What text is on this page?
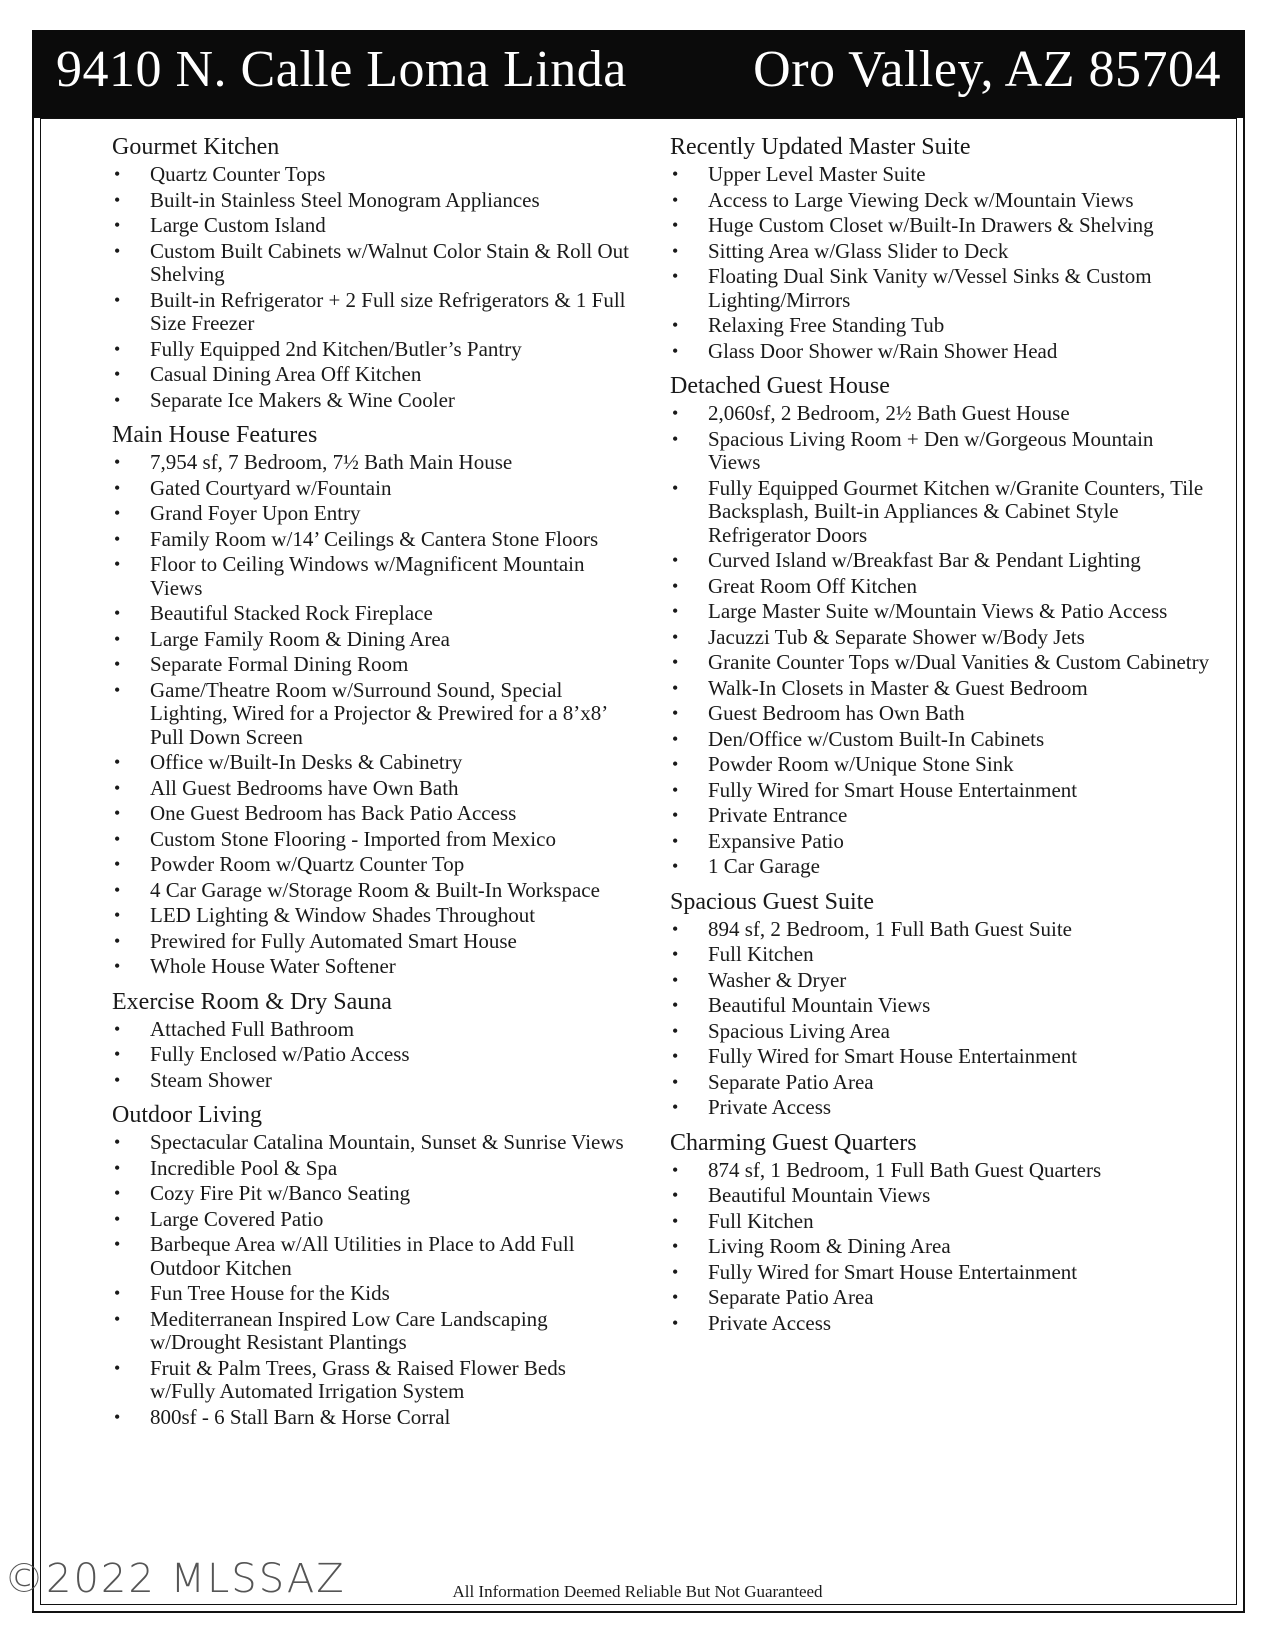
9410 N. Calle Loma Linda Oro Valley, AZ 85704
Gourmet Kitchen
• Quartz Counter Tops
• Built-in Stainless Steel Monogram Appliances
• Large Custom Island
• Custom Built Cabinets w/Walnut Color Stain & Roll Out Shelving
• Built-in Refrigerator + 2 Full size Refrigerators & 1 Full Size Freezer
• Fully Equipped 2nd Kitchen/Butler’s Pantry
• Casual Dining Area Off Kitchen
• Separate Ice Makers & Wine Cooler
Main House Features
• 7,954 sf, 7 Bedroom, 7½ Bath Main House
• Gated Courtyard w/Fountain
• Grand Foyer Upon Entry
• Family Room w/14’ Ceilings & Cantera Stone Floors
• Floor to Ceiling Windows w/Magnificent Mountain Views
• Beautiful Stacked Rock Fireplace
• Large Family Room & Dining Area
• Separate Formal Dining Room
• Game/Theatre Room w/Surround Sound, Special Lighting, Wired for a Projector & Prewired for a 8’x8’ Pull Down Screen
• Office w/Built-In Desks & Cabinetry
• All Guest Bedrooms have Own Bath
• One Guest Bedroom has Back Patio Access
• Custom Stone Flooring - Imported from Mexico
• Powder Room w/Quartz Counter Top
• 4 Car Garage w/Storage Room & Built-In Workspace
• LED Lighting & Window Shades Throughout
• Prewired for Fully Automated Smart House
• Whole House Water Softener
Exercise Room & Dry Sauna
• Attached Full Bathroom
• Fully Enclosed w/Patio Access
• Steam Shower
Outdoor Living
• Spectacular Catalina Mountain, Sunset & Sunrise Views
• Incredible Pool & Spa
• Cozy Fire Pit w/Banco Seating
• Large Covered Patio
• Barbeque Area w/All Utilities in Place to Add Full Outdoor Kitchen
• Fun Tree House for the Kids
• Mediterranean Inspired Low Care Landscaping w/Drought Resistant Plantings
• Fruit & Palm Trees, Grass & Raised Flower Beds w/Fully Automated Irrigation System
• 800sf - 6 Stall Barn & Horse Corral
Recently Updated Master Suite
• Upper Level Master Suite
• Access to Large Viewing Deck w/Mountain Views
• Huge Custom Closet w/Built-In Drawers & Shelving
• Sitting Area w/Glass Slider to Deck
• Floating Dual Sink Vanity w/Vessel Sinks & Custom Lighting/Mirrors
• Relaxing Free Standing Tub
• Glass Door Shower w/Rain Shower Head
Detached Guest House
• 2,060sf, 2 Bedroom, 2½ Bath Guest House
• Spacious Living Room + Den w/Gorgeous Mountain Views
• Fully Equipped Gourmet Kitchen w/Granite Counters, Tile Backsplash, Built-in Appliances & Cabinet Style Refrigerator Doors
• Curved Island w/Breakfast Bar & Pendant Lighting
• Great Room Off Kitchen
• Large Master Suite w/Mountain Views & Patio Access
• Jacuzzi Tub & Separate Shower w/Body Jets
• Granite Counter Tops w/Dual Vanities & Custom Cabinetry
• Walk-In Closets in Master & Guest Bedroom
• Guest Bedroom has Own Bath
• Den/Office w/Custom Built-In Cabinets
• Powder Room w/Unique Stone Sink
• Fully Wired for Smart House Entertainment
• Private Entrance
• Expansive Patio
• 1 Car Garage
Spacious Guest Suite
• 894 sf, 2 Bedroom, 1 Full Bath Guest Suite
• Full Kitchen
• Washer & Dryer
• Beautiful Mountain Views
• Spacious Living Area
• Fully Wired for Smart House Entertainment
• Separate Patio Area
• Private Access
Charming Guest Quarters
• 874 sf, 1 Bedroom, 1 Full Bath Guest Quarters
• Beautiful Mountain Views
• Full Kitchen
• Living Room & Dining Area
• Fully Wired for Smart House Entertainment
• Separate Patio Area
• Private Access
©2022 MLSSAZ	All Information Deemed Reliable But Not Guaranteed
